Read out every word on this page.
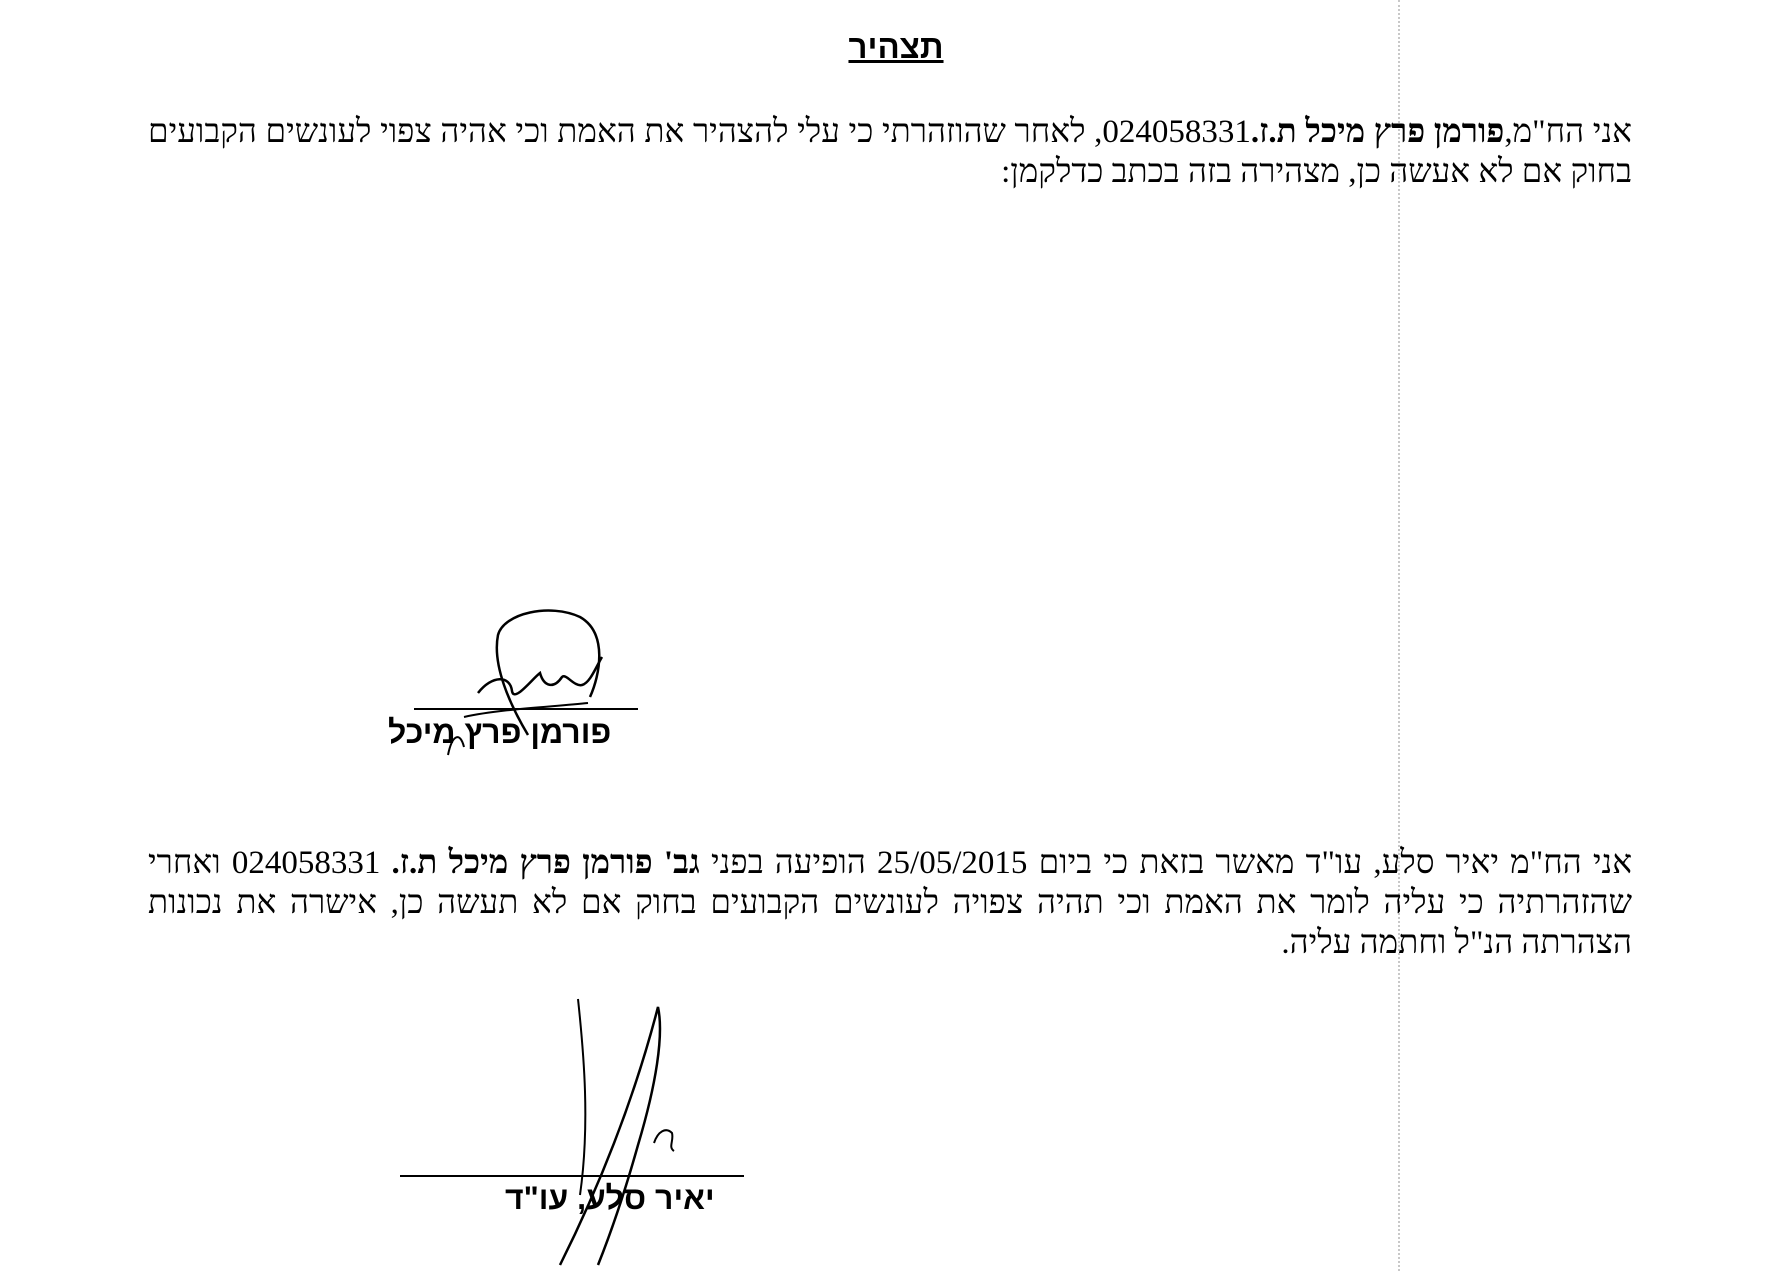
תצהיר
אני הח"מ,פורמן פרץ מיכל ת.ז.024058331, לאחר שהוזהרתי כי עלי להצהיר את האמת וכי אהיה צפוי לעונשים הקבועים בחוק אם לא אעשה כן, מצהירה בזה בכתב כדלקמן:

פורמן פרץ מיכל
אני הח"מ יאיר סלע, עו"ד מאשר בזאת כי ביום 25/05/2015 הופיעה בפני גב' פורמן פרץ מיכל ת.ז. 024058331 ואחרי שהזהרתיה כי עליה לומר את האמת וכי תהיה צפויה לעונשים הקבועים בחוק אם לא תעשה כן, אישרה את נכונות הצהרתה הנ"ל וחתמה עליה.
יאיר סלע, עו"ד
